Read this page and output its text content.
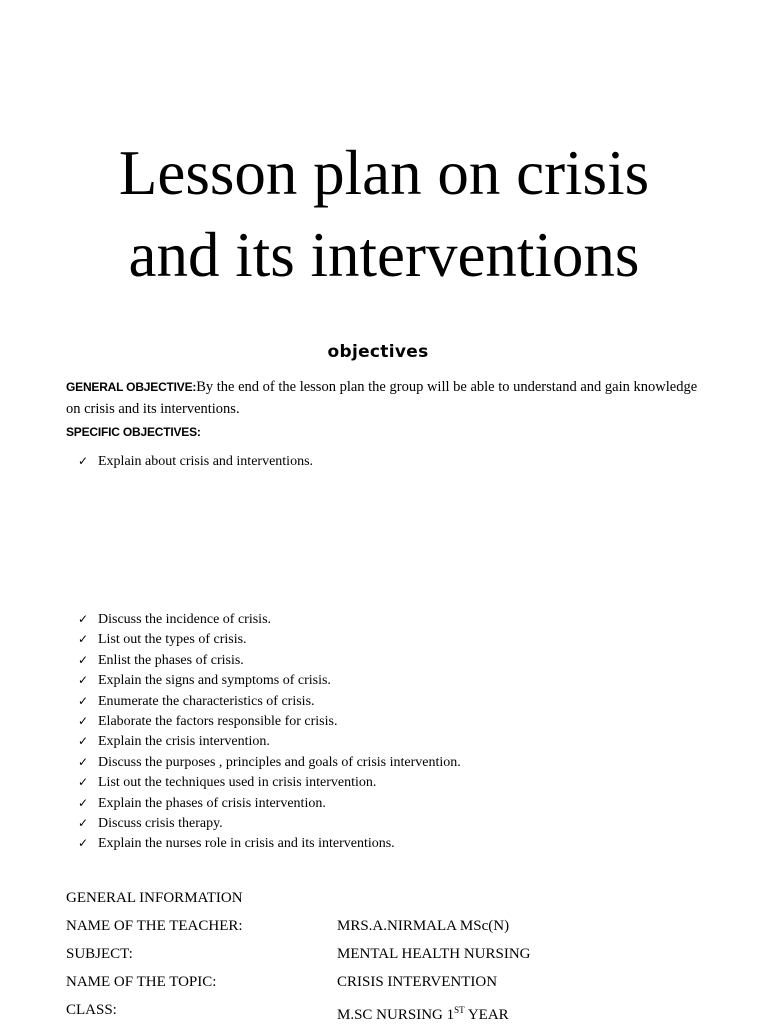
Lesson plan on crisis
and its interventions
objectives
GENERAL OBJECTIVE:By the end of the lesson plan the group will be able to understand and gain knowledge on crisis and its interventions.
SPECIFIC OBJECTIVES:
✓ Explain about crisis and interventions.
✓ Discuss the incidence of crisis.
✓ List out the types of crisis.
✓ Enlist the phases of crisis.
✓ Explain the signs and symptoms of crisis.
✓ Enumerate the characteristics of crisis.
✓ Elaborate the factors responsible for crisis.
✓ Explain the crisis intervention.
✓ Discuss the purposes , principles and goals of crisis intervention.
✓ List out the techniques used in crisis intervention.
✓ Explain the phases of crisis intervention.
✓ Discuss crisis therapy.
✓ Explain the nurses role in crisis and its interventions.
GENERAL INFORMATION
NAME OF THE TEACHER:	MRS.A.NIRMALA MSc(N)
SUBJECT:	MENTAL HEALTH NURSING
NAME OF THE TOPIC:	CRISIS INTERVENTION
CLASS:	M.SC NURSING 1ST YEAR
